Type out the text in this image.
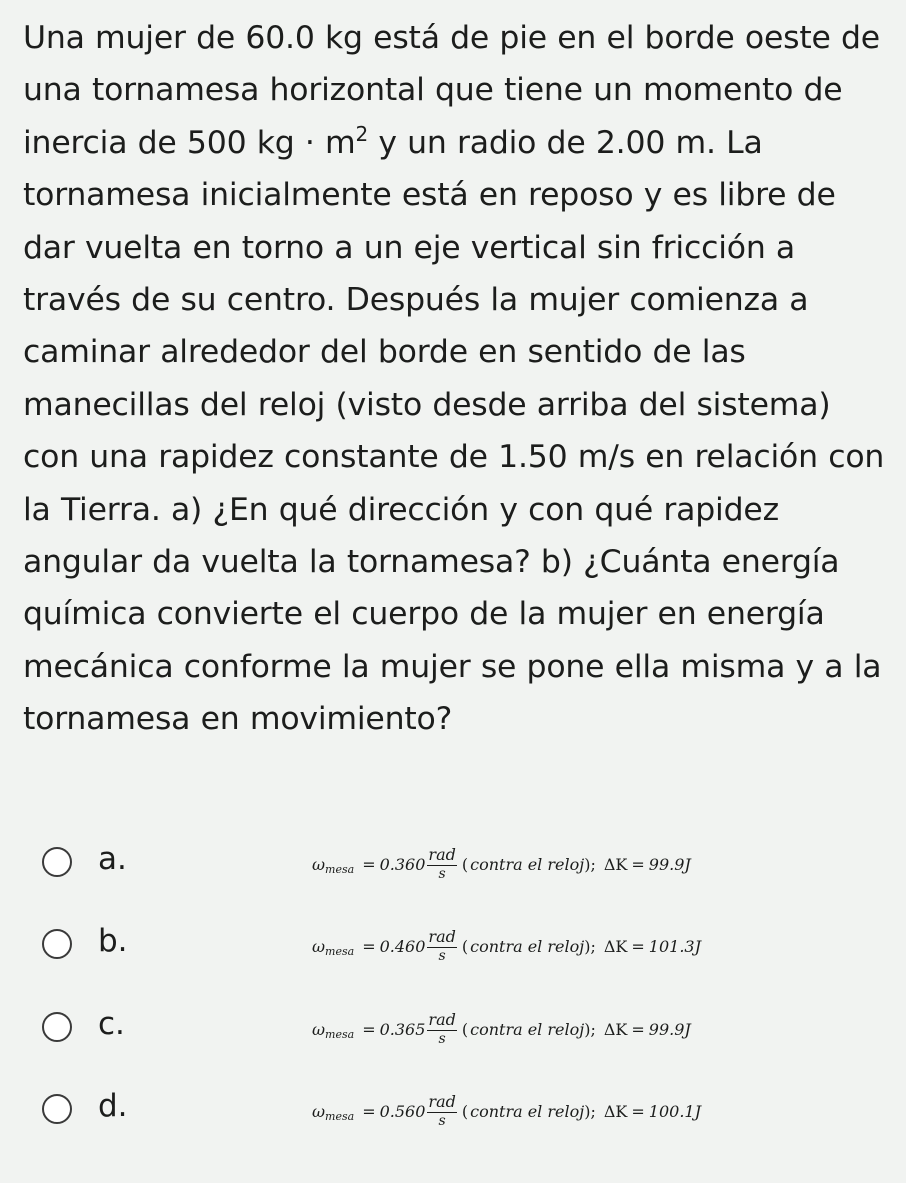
Una mujer de 60.0 kg está de pie en el borde oeste de una tornamesa horizontal que tiene un momento de inercia de 500 kg · $m^2$ y un radio de 2.00 m. La tornamesa inicialmente está en reposo y es libre de dar vuelta en torno a un eje vertical sin fricción a través de su centro. Después la mujer comienza a caminar alrededor del borde en sentido de las manecillas del reloj (visto desde arriba del sistema) con una rapidez constante de 1.50 m/s en relación con la Tierra. a) ¿En qué dirección y con qué rapidez angular da vuelta la tornamesa? b) ¿Cuánta energía química convierte el cuerpo de la mujer en energía mecánica conforme la mujer se pone ella misma y a la tornamesa en movimiento?

a.	ω mesa = $0.360 \frac{\text{rad}}{s}$ ( contra el reloj ); ΔK = 99.9 J
b.	ω mesa = $0.460 \frac{\text{rad}}{s}$ ( contra el reloj ); ΔK = 101.3 J
c.	ω mesa = $0.365 \frac{\text{rad}}{s}$ ( contra el reloj ); ΔK = 99.9 J
d.	ω mesa = $0.560 \frac{\text{rad}}{s}$ ( contra el reloj ); ΔK = 100.1 J
